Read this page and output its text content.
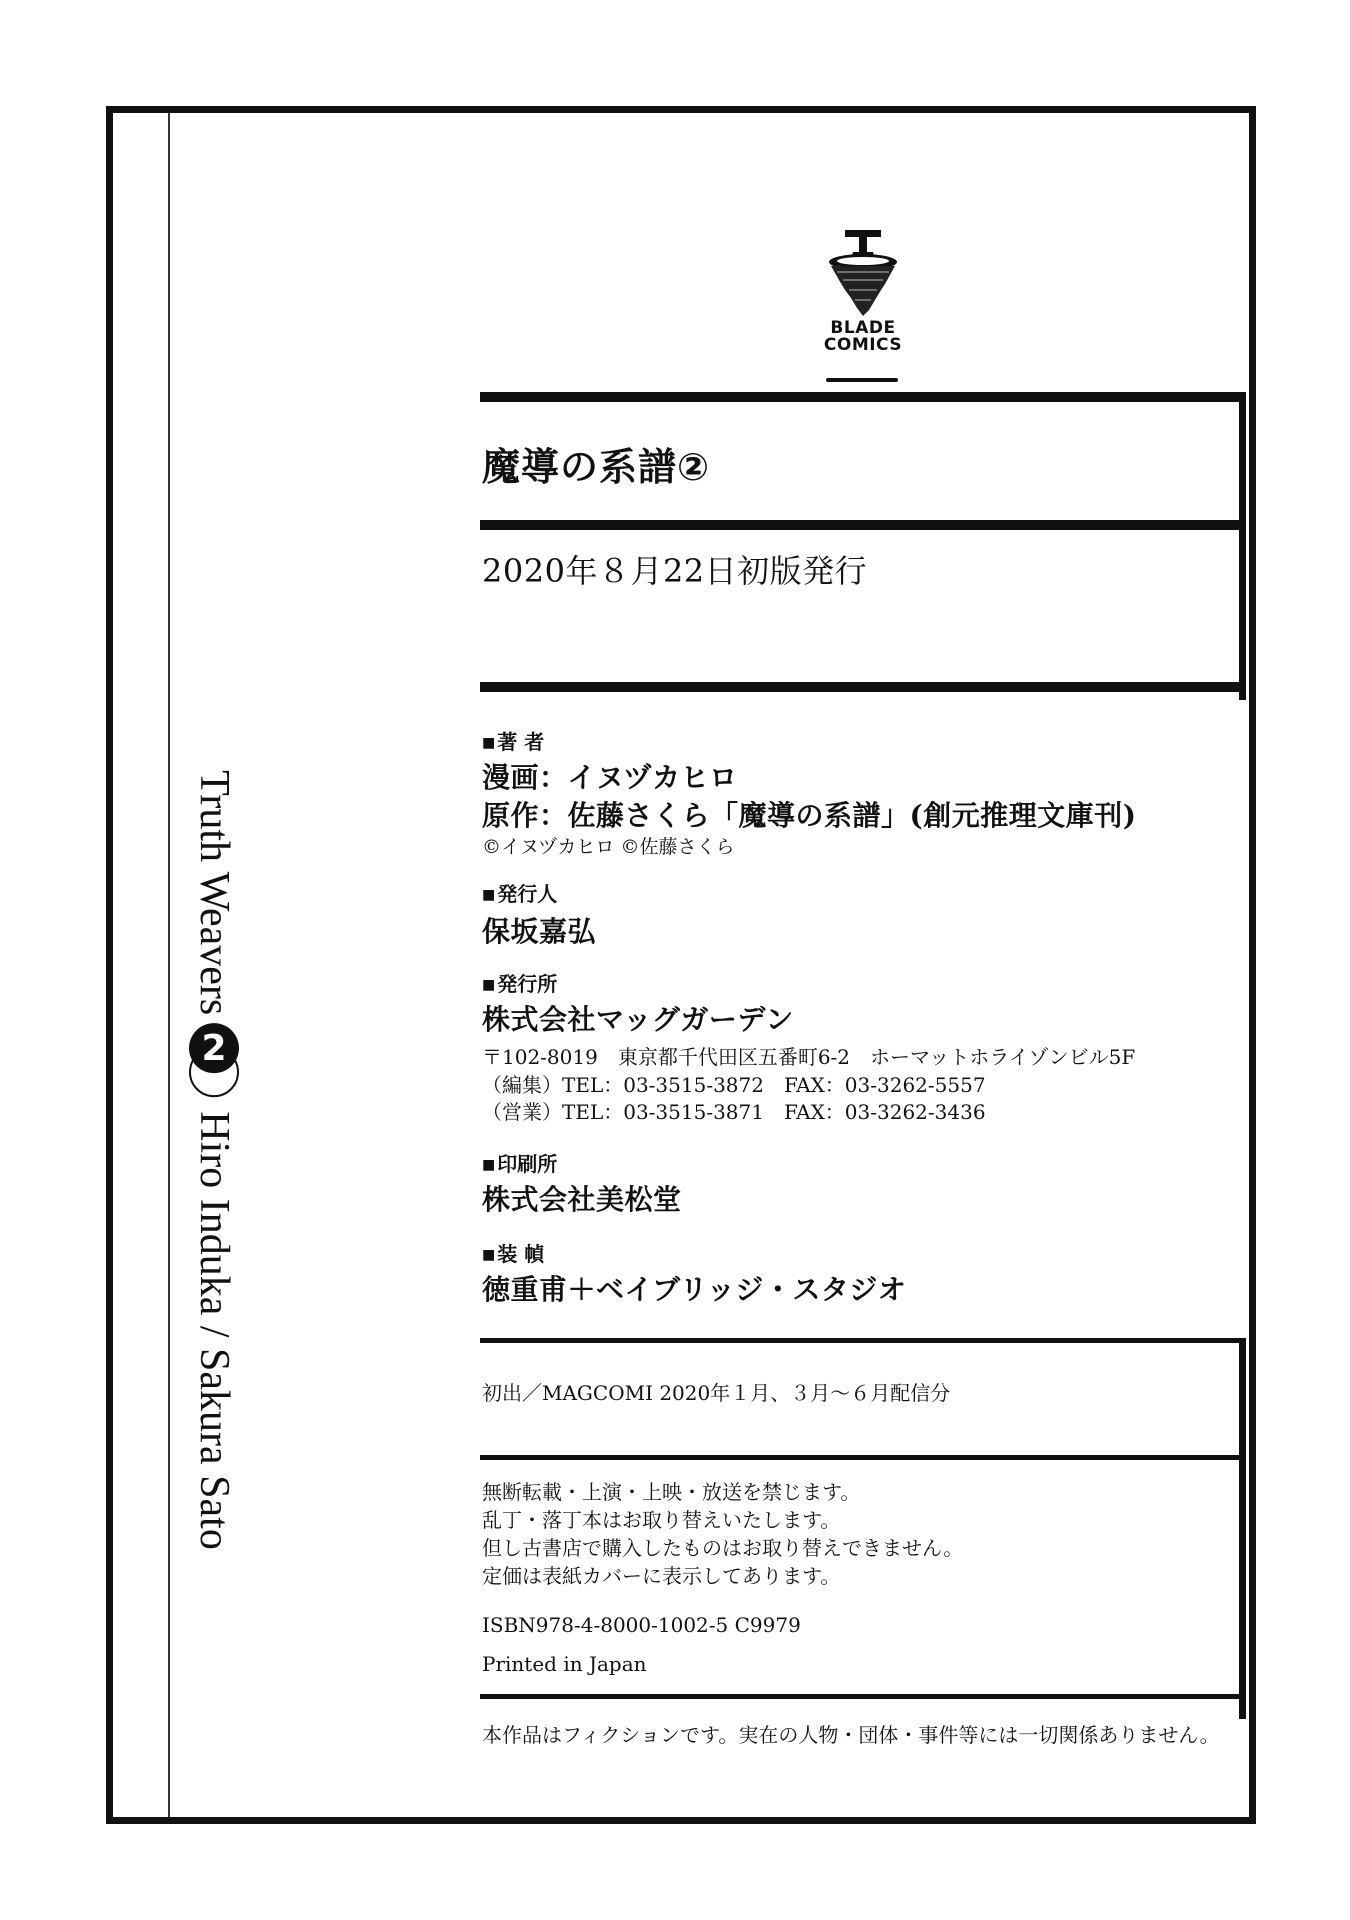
Truth Weavers
2
Hiro Induka / Sakura Sato
BLADE
COMICS
魔導の系譜②
2020年８月22日初版発行
■ 著 者
漫画：イヌヅカヒロ
原作：佐藤さくら「魔導の系譜」(創元推理文庫刊)
©イヌヅカヒロ ©佐藤さくら
■ 発行人
保坂嘉弘
■ 発行所
株式会社マッグガーデン
〒102-8019　東京都千代田区五番町6-2　ホーマットホライゾンビル5F
（編集）TEL：03-3515-3872　FAX：03-3262-5557
（営業）TEL：03-3515-3871　FAX：03-3262-3436
■ 印刷所
株式会社美松堂
■ 装 幀
徳重甫＋ベイブリッジ・スタジオ
初出／MAGCOMI 2020年１月、３月～６月配信分
無断転載・上演・上映・放送を禁じます。
乱丁・落丁本はお取り替えいたします。
但し古書店で購入したものはお取り替えできません。
定価は表紙カバーに表示してあります。
ISBN978-4-8000-1002-5 C9979
Printed in Japan
本作品はフィクションです。実在の人物・団体・事件等には一切関係ありません。
